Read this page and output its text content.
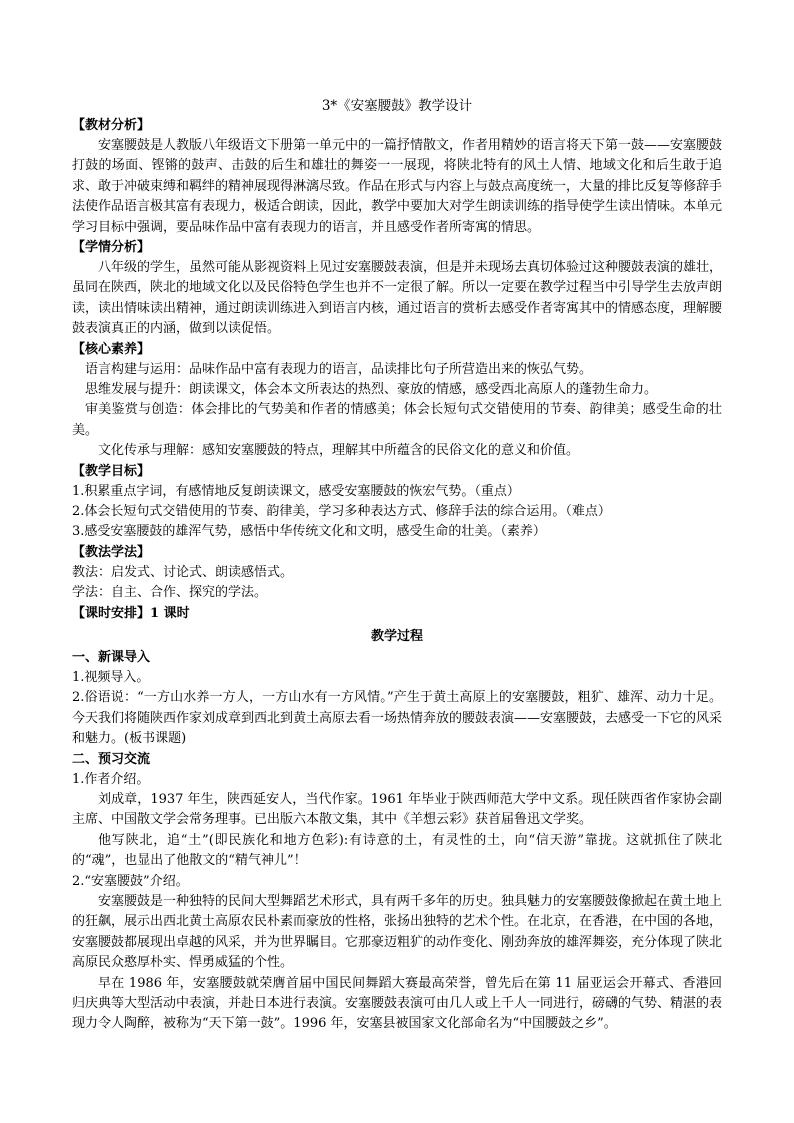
3*《安塞腰鼓》教学设计
【教材分析】

安塞腰鼓是人教版八年级语文下册第一单元中的一篇抒情散文，作者用精妙的语言将天下第一鼓——安塞腰鼓打鼓的场面、铿锵的鼓声、击鼓的后生和雄壮的舞姿一一展现，将陕北特有的风土人情、地域文化和后生敢于追求、敢于冲破束缚和羁绊的精神展现得淋漓尽致。作品在形式与内容上与鼓点高度统一，大量的排比反复等修辞手法使作品语言极其富有表现力，极适合朗读，因此，教学中要加大对学生朗读训练的指导使学生读出情味。本单元学习目标中强调，要品味作品中富有表现力的语言，并且感受作者所寄寓的情思。

【学情分析】

八年级的学生，虽然可能从影视资料上见过安塞腰鼓表演，但是并未现场去真切体验过这种腰鼓表演的雄壮，虽同在陕西，陕北的地域文化以及民俗特色学生也并不一定很了解。所以一定要在教学过程当中引导学生去放声朗读，读出情味读出精神，通过朗读训练进入到语言内核，通过语言的赏析去感受作者寄寓其中的情感态度，理解腰鼓表演真正的内涵，做到以读促悟。

【核心素养】

语言构建与运用：品味作品中富有表现力的语言，品读排比句子所营造出来的恢弘气势。

思维发展与提升：朗读课文，体会本文所表达的热烈、豪放的情感，感受西北高原人的蓬勃生命力。

审美鉴赏与创造：体会排比的气势美和作者的情感美；体会长短句式交错使用的节奏、韵律美；感受生命的壮美。

文化传承与理解：感知安塞腰鼓的特点，理解其中所蕴含的民俗文化的意义和价值。

【教学目标】
1.积累重点字词，有感情地反复朗读课文，感受安塞腰鼓的恢宏气势。（重点）
2.体会长短句式交错使用的节奏、韵律美，学习多种表达方式、修辞手法的综合运用。（难点）
3.感受安塞腰鼓的雄浑气势，感悟中华传统文化和文明，感受生命的壮美。（素养）
【教法学法】
教法：启发式、讨论式、朗读感悟式。
学法：自主、合作、探究的学法。
【课时安排】1 课时
教学过程
一、新课导入
1.视频导入。

2.俗语说：“一方山水养一方人，一方山水有一方风情。”产生于黄土高原上的安塞腰鼓，粗犷、雄浑、动力十足。今天我们将随陕西作家刘成章到西北到黄土高原去看一场热情奔放的腰鼓表演——安塞腰鼓，去感受一下它的风采和魅力。(板书课题)

二、预习交流
1.作者介绍。

刘成章，1937 年生，陕西延安人，当代作家。1961 年毕业于陕西师范大学中文系。现任陕西省作家协会副主席、中国散文学会常务理事。已出版六本散文集，其中《羊想云彩》获首届鲁迅文学奖。

他写陕北，追“土”(即民族化和地方色彩):有诗意的土，有灵性的土，向“信天游”靠拢。这就抓住了陕北的“魂”，也显出了他散文的“精气神儿”！

2.“安塞腰鼓”介绍。

安塞腰鼓是一种独特的民间大型舞蹈艺术形式，具有两千多年的历史。独具魅力的安塞腰鼓像掀起在黄土地上的狂飙，展示出西北黄土高原农民朴素而豪放的性格，张扬出独特的艺术个性。在北京，在香港，在中国的各地，安塞腰鼓都展现出卓越的风采，并为世界瞩目。它那豪迈粗犷的动作变化、刚劲奔放的雄浑舞姿，充分体现了陕北高原民众憨厚朴实、悍勇威猛的个性。

早在 1986 年，安塞腰鼓就荣膺首届中国民间舞蹈大赛最高荣誉，曾先后在第 11 届亚运会开幕式、香港回归庆典等大型活动中表演，并赴日本进行表演。安塞腰鼓表演可由几人或上千人一同进行，磅礴的气势、精湛的表现力令人陶醉，被称为“天下第一鼓”。1996 年，安塞县被国家文化部命名为“中国腰鼓之乡”。
